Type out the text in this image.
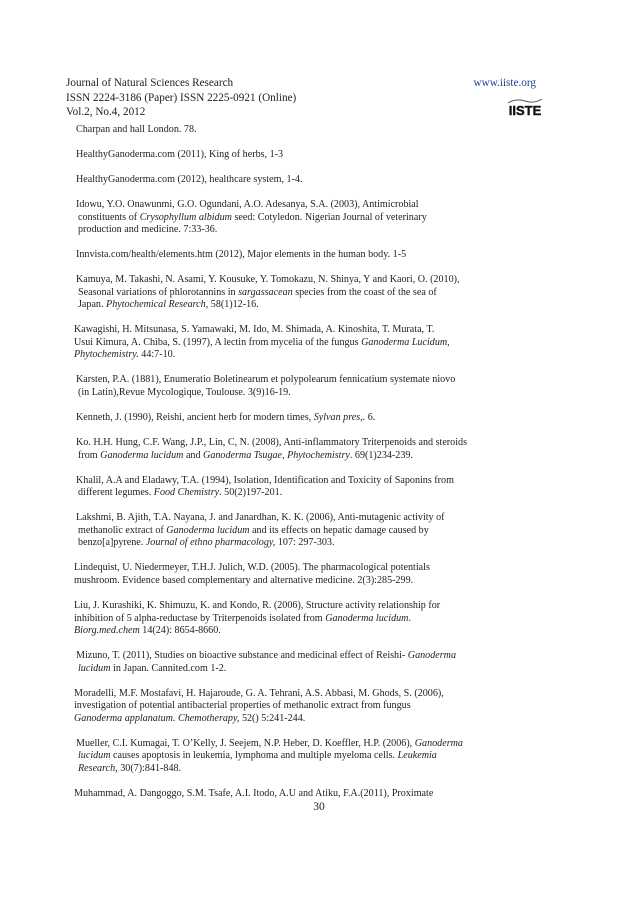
Journal of Natural Sciences Research
ISSN 2224-3186 (Paper) ISSN 2225-0921 (Online)
Vol.2, No.4, 2012
www.iiste.org
IISTE
Charpan and hall London. 78.
HealthyGanoderma.com (2011), King of herbs, 1-3
HealthyGanoderma.com (2012), healthcare system, 1-4.
Idowu, Y.O. Onawunmi, G.O. Ogundani, A.O. Adesanya, S.A. (2003), Antimicrobial
constituents of Crysophyllum albidum seed: Cotyledon. Nigerian Journal of veterinary
production and medicine. 7:33-36.
Innvista.com/health/elements.htm (2012), Major elements in the human body. 1-5
Kamuya, M. Takashi, N. Asami, Y. Kousuke, Y. Tomokazu, N. Shinya, Y and Kaori, O. (2010),
Seasonal variations of phlorotannins in sargassacean species from the coast of the sea of
Japan. Phytochemical Research, 58(1)12-16.
Kawagishi, H. Mitsunasa, S. Yamawaki, M. Ido, M. Shimada, A. Kinoshita, T. Murata, T.
Usui Kimura, A. Chiba, S. (1997), A lectin from mycelia of the fungus Ganoderma Lucidum,
Phytochemistry. 44:7-10.
Karsten, P.A. (1881), Enumeratio Boletinearum et polypolearum fennicatium systemate niovo
(in Latin),Revue Mycologique, Toulouse. 3(9)16-19.
Kenneth, J. (1990), Reishi, ancient herb for modern times, Sylvan pres,. 6.
Ko. H.H. Hung, C.F. Wang, J.P., Lin, C, N. (2008), Anti-inflammatory Triterpenoids and steroids
from Ganoderma lucidum and Ganoderma Tsugae, Phytochemistry. 69(1)234-239.
Khalil, A.A and Eladawy, T.A. (1994), Isolation, Identification and Toxicity of Saponins from
different legumes. Food Chemistry. 50(2)197-201.
Lakshmi, B. Ajith, T.A. Nayana, J. and Janardhan, K. K. (2006), Anti-mutagenic activity of
methanolic extract of Ganoderma lucidum and its effects on hepatic damage caused by
benzo[a]pyrene. Journal of ethno pharmacology, 107: 297-303.
Lindequist, U. Niedermeyer, T.H.J. Julich, W.D. (2005). The pharmacological potentials
mushroom. Evidence based complementary and alternative medicine. 2(3):285-299.
Liu, J. Kurashiki, K. Shimuzu, K. and Kondo, R. (2006), Structure activity relationship for
inhibition of 5 alpha-reductase by Triterpenoids isolated from Ganoderma lucidum.
Biorg.med.chem 14(24): 8654-8660.
Mizuno, T. (2011), Studies on bioactive substance and medicinal effect of Reishi- Ganoderma
lucidum in Japan. Cannited.com 1-2.
Moradelli, M.F. Mostafavi, H. Hajaroude, G. A. Tehrani, A.S. Abbasi, M. Ghods, S. (2006),
investigation of potential antibacterial properties of methanolic extract from fungus
Ganoderma applanatum. Chemotherapy, 52() 5:241-244.
Mueller, C.I. Kumagai, T. O’Kelly, J. Seejem, N.P. Heber, D. Koeffler, H.P. (2006), Ganoderma
lucidum causes apoptosis in leukemia, lymphoma and multiple myeloma cells. Leukemia
Research, 30(7):841-848.
Muhammad, A. Dangoggo, S.M. Tsafe, A.I. Itodo, A.U and Atiku, F.A.(2011), Proximate
30
